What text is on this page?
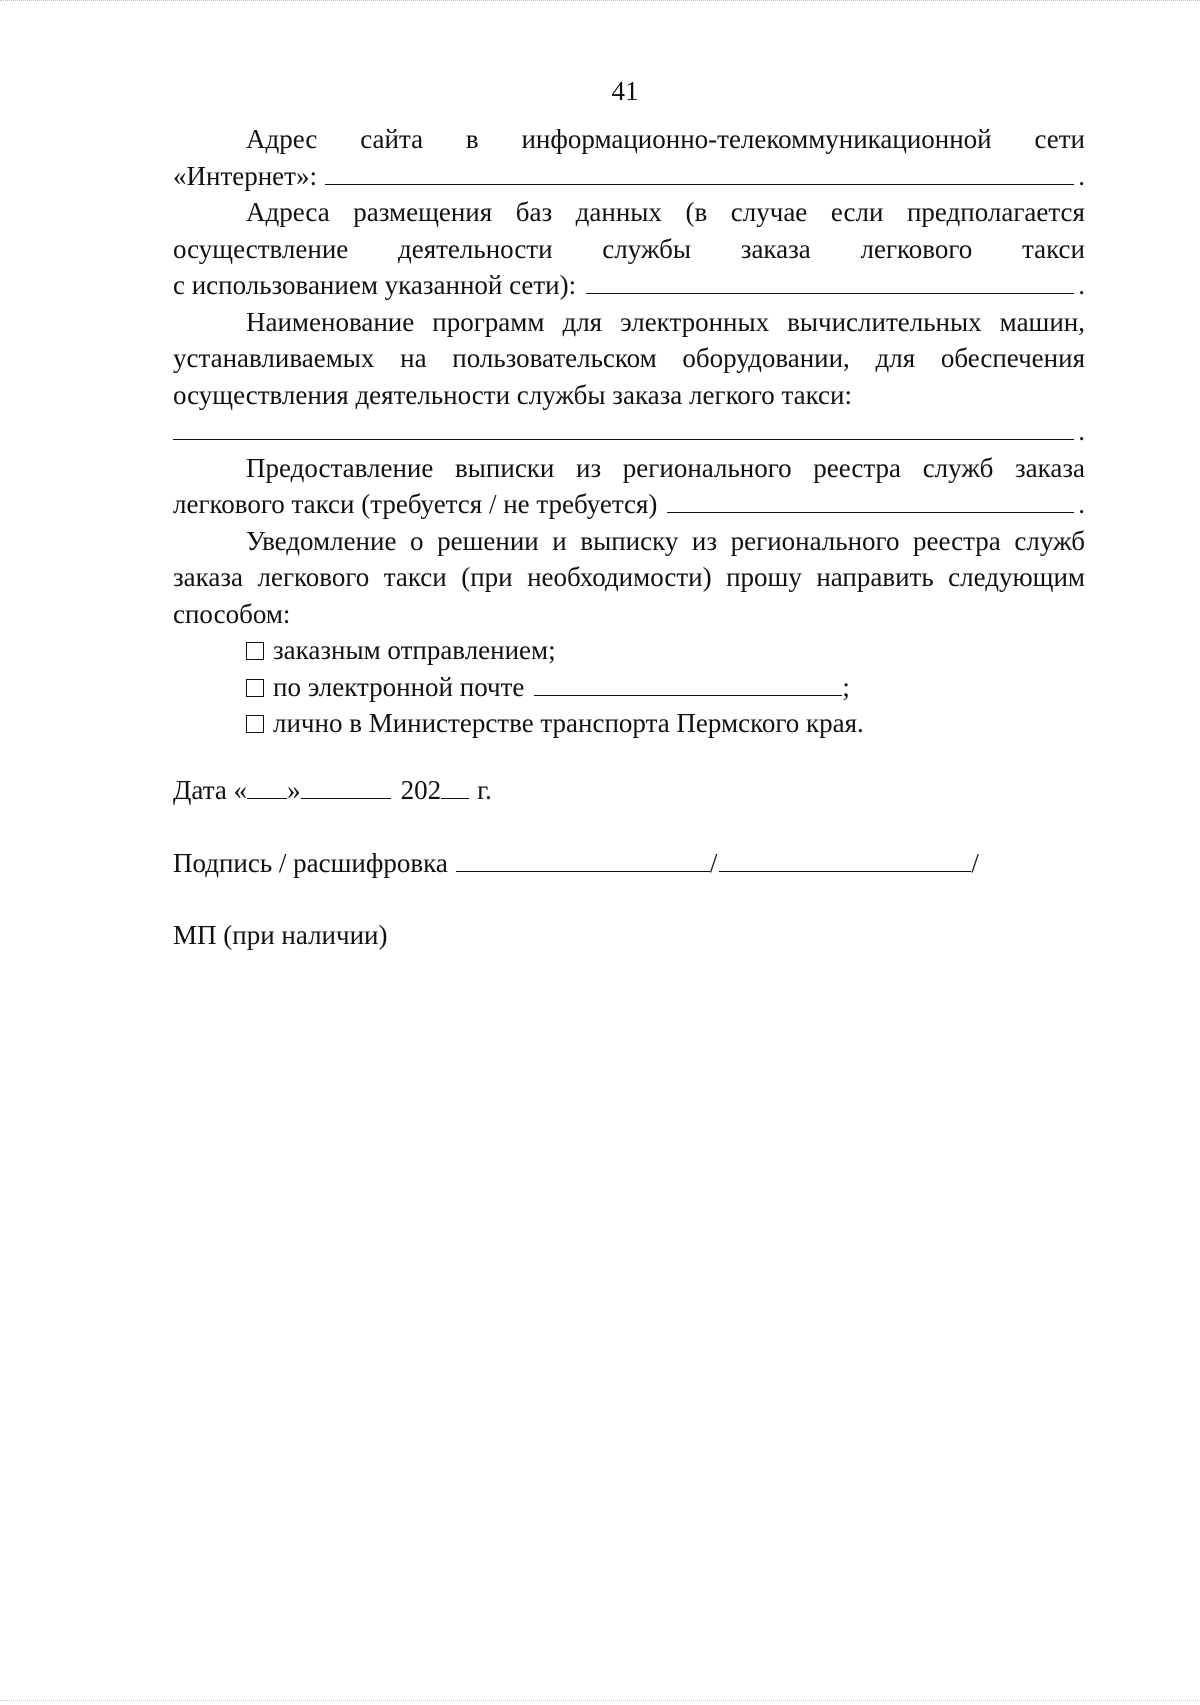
41
Адрес сайта в информационно-телекоммуникационной сети
«Интернет»:	.
Адреса размещения баз данных (в случае если предполагается
осуществление деятельности службы заказа легкового такси
с использованием указанной сети):	.

Наименование программ для электронных вычислительных машин, устанавливаемых на пользовательском оборудовании, для обеспечения осуществления деятельности службы заказа легкого такси:

.
Предоставление выписки из регионального реестра служб заказа
легкового такси (требуется / не требуется)	.

Уведомление о решении и выписку из регионального реестра служб заказа легкового такси (при необходимости) прошу направить следующим способом:

заказным отправлением;
по электронной почте	;
лично в Министерстве транспорта Пермского края.
Дата « »	202 г.
Подпись / расшифровка	/	/
МП (при наличии)
